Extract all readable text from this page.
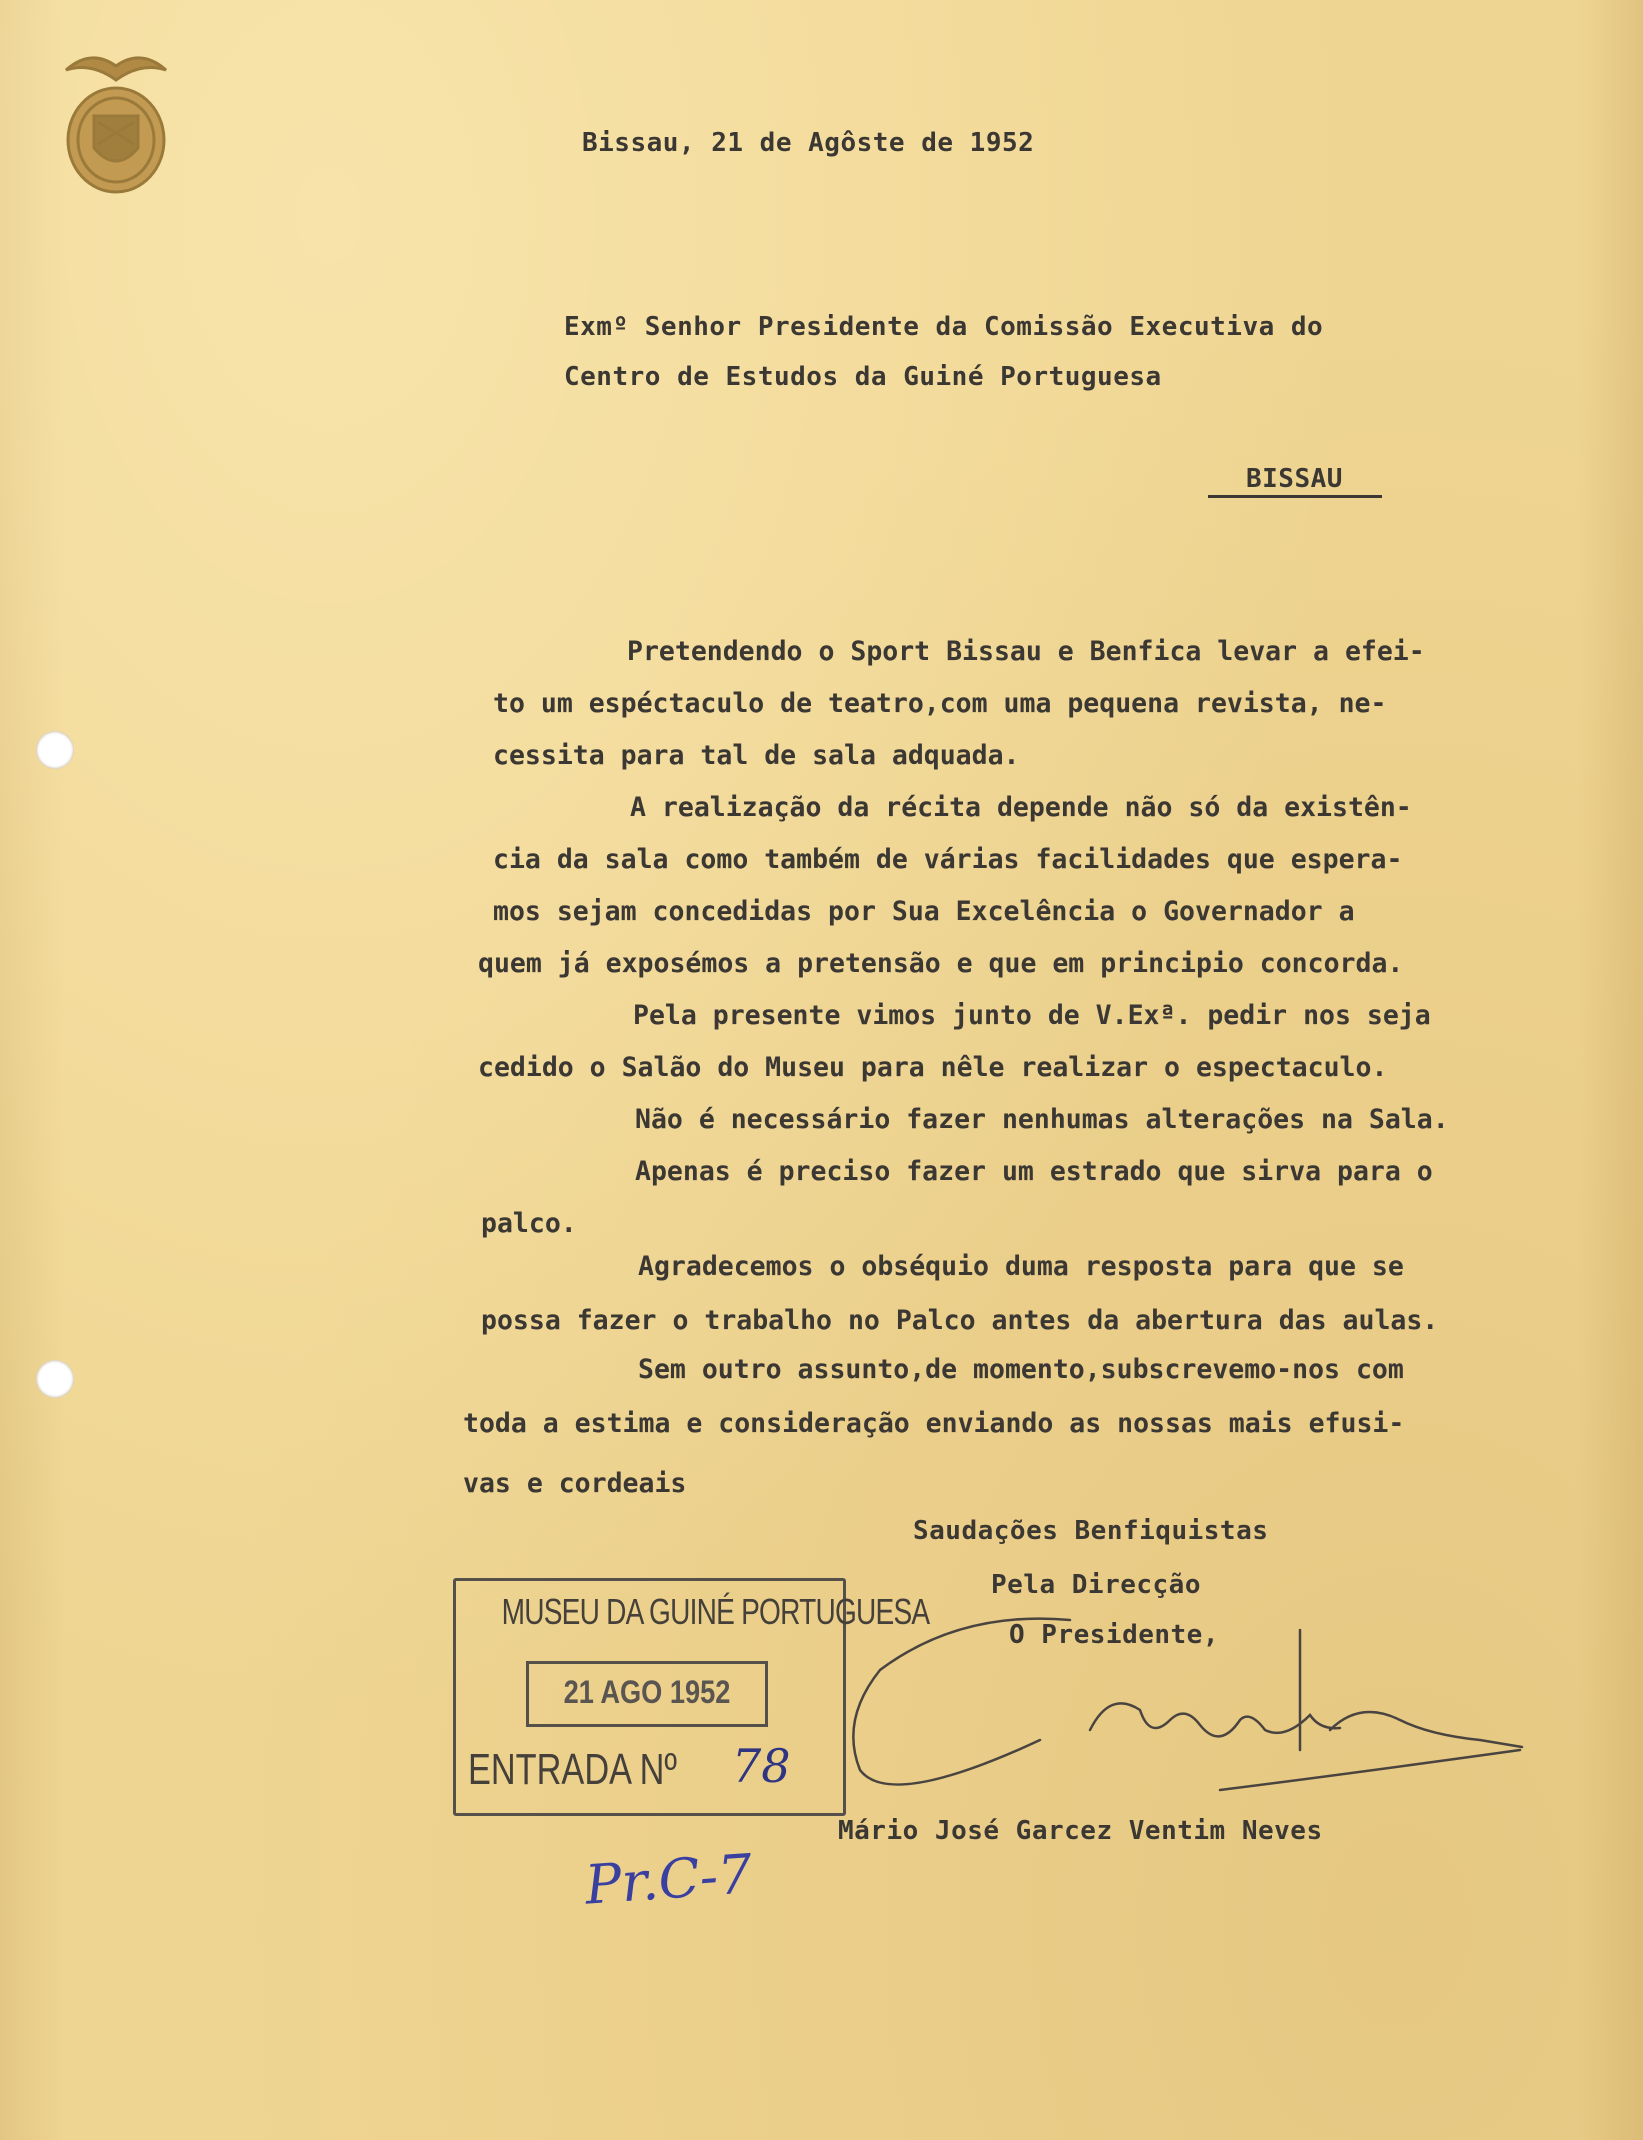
Bissau, 21 de Agôste de 1952
Exmº Senhor Presidente da Comissão Executiva do
Centro de Estudos da Guiné Portuguesa
BISSAU
Pretendendo o Sport Bissau e Benfica levar a efei-
to um espéctaculo de teatro,com uma pequena revista, ne-
cessita para tal de sala adquada.
A realização da récita depende não só da existên-
cia da sala como também de várias facilidades que espera-
mos sejam concedidas por Sua Excelência o Governador a
quem já exposémos a pretensão e que em principio concorda.
Pela presente vimos junto de V.Exª. pedir nos seja
cedido o Salão do Museu para nêle realizar o espectaculo.
Não é necessário fazer nenhumas alterações na Sala.
Apenas é preciso fazer um estrado que sirva para o
palco.
Agradecemos o obséquio duma resposta para que se
possa fazer o trabalho no Palco antes da abertura das aulas.
Sem outro assunto,de momento,subscrevemo-nos com
toda a estima e consideração enviando as nossas mais efusi-
vas e cordeais
Saudações Benfiquistas
Pela Direcção
O Presidente,
Mário José Garcez Ventim Neves
MUSEU DA GUINÉ PORTUGUESA
21 AGO 1952
ENTRADA Nº 78
Pr.C-7
